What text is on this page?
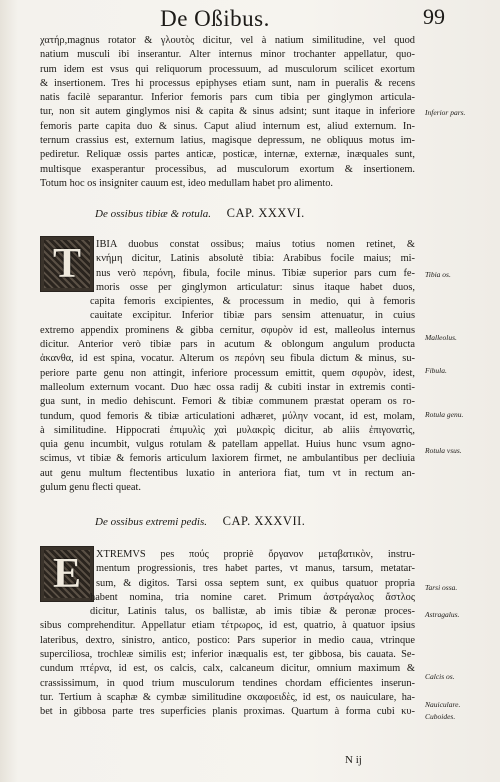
De Oßibus.	99
χατήρ,magnus rotator & γλουτὸς dicitur, vel à natium similitudine, vel quod
natium musculi ibi inserantur. Alter internus minor trochanter appellatur, quo-
rum idem est vsus qui reliquorum processuum, ad musculorum scilicet exortum
& insertionem. Tres hi processus epiphyses etiam sunt, nam in pueralis & recens
natis facilè separantur. Inferior femoris pars cum tibia per ginglymon articula-
tur, non sit autem ginglymos nisi & capita & sinus adsint; sunt itaque in inferiore
femoris parte capita duo & sinus. Caput aliud internum est, aliud externum. In-
ternum crassius est, externum latius, magisque depressum, ne obliquus motus im-
pediretur. Reliquæ ossis partes anticæ, posticæ, internæ, externæ, inæquales sunt,
multisque exasperantur processibus, ad musculorum exortum & insertionem.
Totum hoc os insigniter cauum est, ideo medullam habet pro alimento.
De ossibus tibiæ & rotula. CAP. XXXVI.
T	IBIA duobus constat ossibus; maius totius nomen retinet, &
κνήμη dicitur, Latinis absolutè tibia: Arabibus focile maius; mi-
nus verò περόνη, fibula, focile minus. Tibiæ superior pars cum fe-
moris osse per ginglymon articulatur: sinus itaque habet duos,
capita femoris excipientes, & processum in medio, qui à femoris
cauitate excipitur. Inferior tibiæ pars sensim attenuatur, in cuius
extremo appendix prominens & gibba cernitur, σφυρὸν id est, malleolus internus
dicitur. Anterior verò tibiæ pars in acutum & oblongum angulum producta
ἀκανθα, id est spina, vocatur. Alterum os περόνη seu fibula dictum & minus, su-
periore parte genu non attingit, inferiore processum emittit, quem σφυρὸν, idest,
malleolum externum vocant. Duo hæc ossa radij & cubiti instar in extremis conti-
gua sunt, in medio dehiscunt. Femori & tibiæ communem præstat operam os ro-
tundum, quod femoris & tibiæ articulationi adhæret, μύλην vocant, id est, molam,
à similitudine. Hippocrati ἐπιμυλὶς χαὶ μυλακρὶς dicitur, ab aliis ἐπιγονατὶς,
quia genu incumbit, vulgus rotulam & patellam appellat. Huius hunc vsum agno-
scimus, vt tibiæ & femoris articulum laxiorem firmet, ne ambulantibus per decliuia
aut genu multum flectentibus luxatio in anteriora fiat, tum vt in rectum an-
gulum genu flecti queat.
De ossibus extremi pedis. CAP. XXXVII.
E	XTREMVS pes πούς propriè ὄργανον μεταβατικὸν, instru-
mentum progressionis, tres habet partes, vt manus, tarsum, metatar-
sum, & digitos. Tarsi ossa septem sunt, ex quibus quatuor propria
habent nomina, tria nomine caret. Primum ἀστράγαλος ἄστλος
dicitur, Latinis talus, os ballistæ, ab imis tibiæ & peronæ proces-
sibus comprehenditur. Appellatur etiam τέτρωρος, id est, quatrio, à quatuor ipsius
lateribus, dextro, sinistro, antico, postico: Pars superior in medio caua, vtrinque
superciliosa, trochleæ similis est; inferior inæqualis est, ter gibbosa, bis cauata. Se-
cundum πτέρνα, id est, os calcis, calx, calcaneum dicitur, omnium maximum &
crassissimum, in quod trium musculorum tendines chordam efficientes inserun-
tur. Tertium à scaphæ & cymbæ similitudine σκαφοειδὲς, id est, os nauiculare, ha-
bet in gibbosa parte tres superficies planis proximas. Quartum à forma cubi κυ-
Inferior pars.
Tibia os.
Malleolus.
Fibula.
Rotula genu.
Rotula vsus.
Tarsi ossa.
Astragalus.
Calcis os.
Nauiculare.
Cuboides.
N ij
